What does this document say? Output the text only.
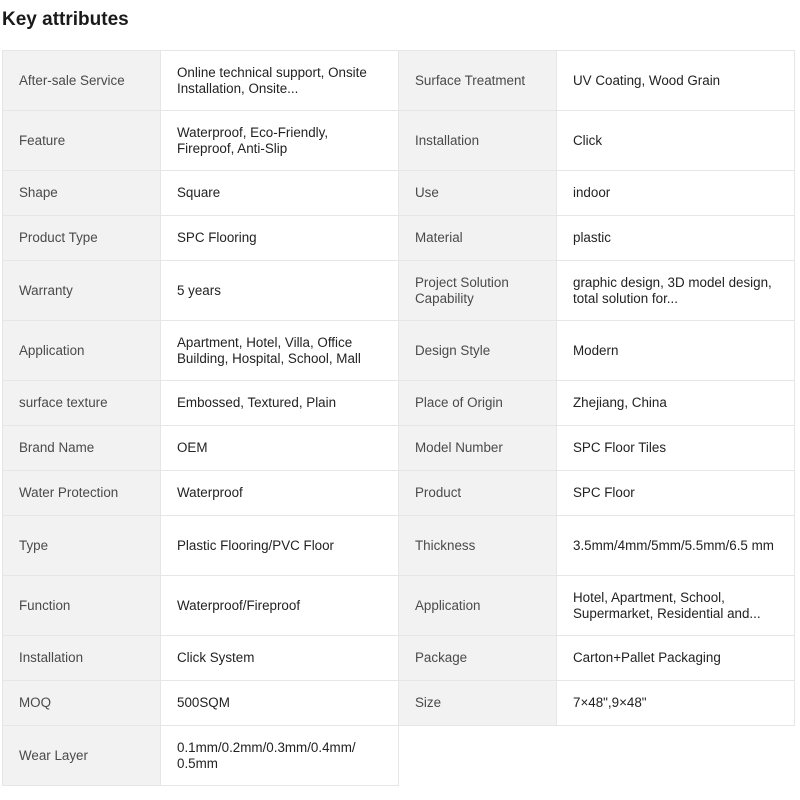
Key attributes
After-sale Service	Online technical support, Onsite Installation, Onsite...	Surface Treatment	UV Coating, Wood Grain

Feature	Waterproof, Eco-Friendly, Fireproof, Anti-Slip	Installation	Click

Shape	Square	Use	indoor

Product Type	SPC Flooring	Material	plastic

Warranty	5 years	Project Solution Capability	graphic design, 3D model design, total solution for...

Application	Apartment, Hotel, Villa, Office Building, Hospital, School, Mall	Design Style	Modern

surface texture	Embossed, Textured, Plain	Place of Origin	Zhejiang, China

Brand Name	OEM	Model Number	SPC Floor Tiles

Water Protection	Waterproof	Product	SPC Floor

Type	Plastic Flooring/PVC Floor	Thickness	3.5mm/4mm/5mm/5.5mm/6.5 mm

Function	Waterproof/Fireproof	Application	Hotel, Apartment, School, Supermarket, Residential and...

Installation	Click System	Package	Carton+Pallet Packaging

MOQ	500SQM	Size	7×48",9×48"

Wear Layer	0.1mm/0.2mm/0.3mm/0.4mm/ 0.5mm		
